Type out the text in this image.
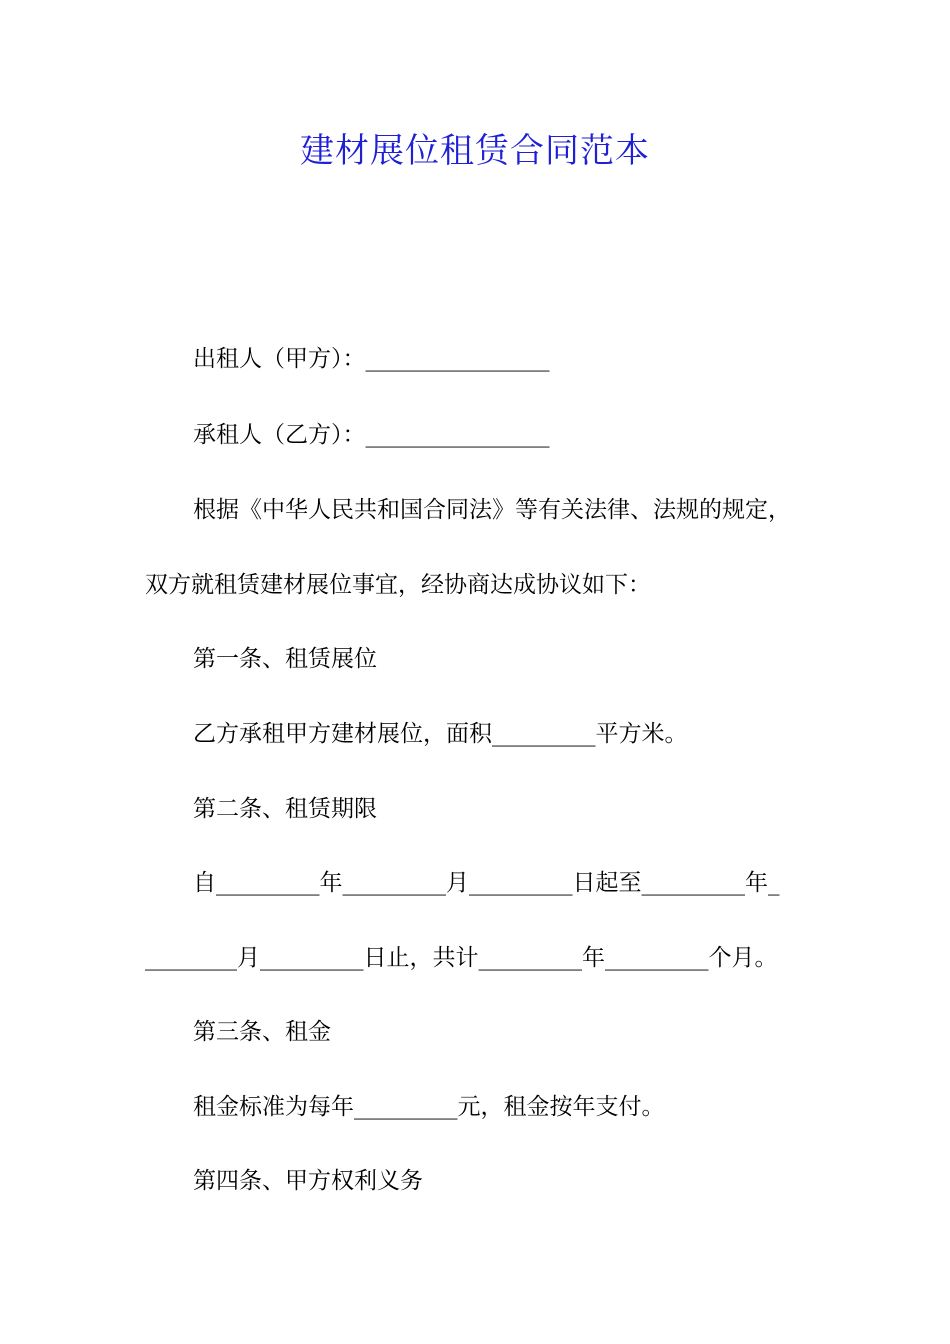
建材展位租赁合同范本

出租人（甲方）：________________

承租人（乙方）：________________

根据《中华人民共和国合同法》等有关法律、法规的规定，

双方就租赁建材展位事宜，经协商达成协议如下：

第一条、租赁展位

乙方承租甲方建材展位，面积_________平方米。

第二条、租赁期限

自_________年_________月_________日起至_________年_

________月_________日止，共计_________年_________个月。

第三条、租金

租金标准为每年_________元，租金按年支付。

第四条、甲方权利义务
